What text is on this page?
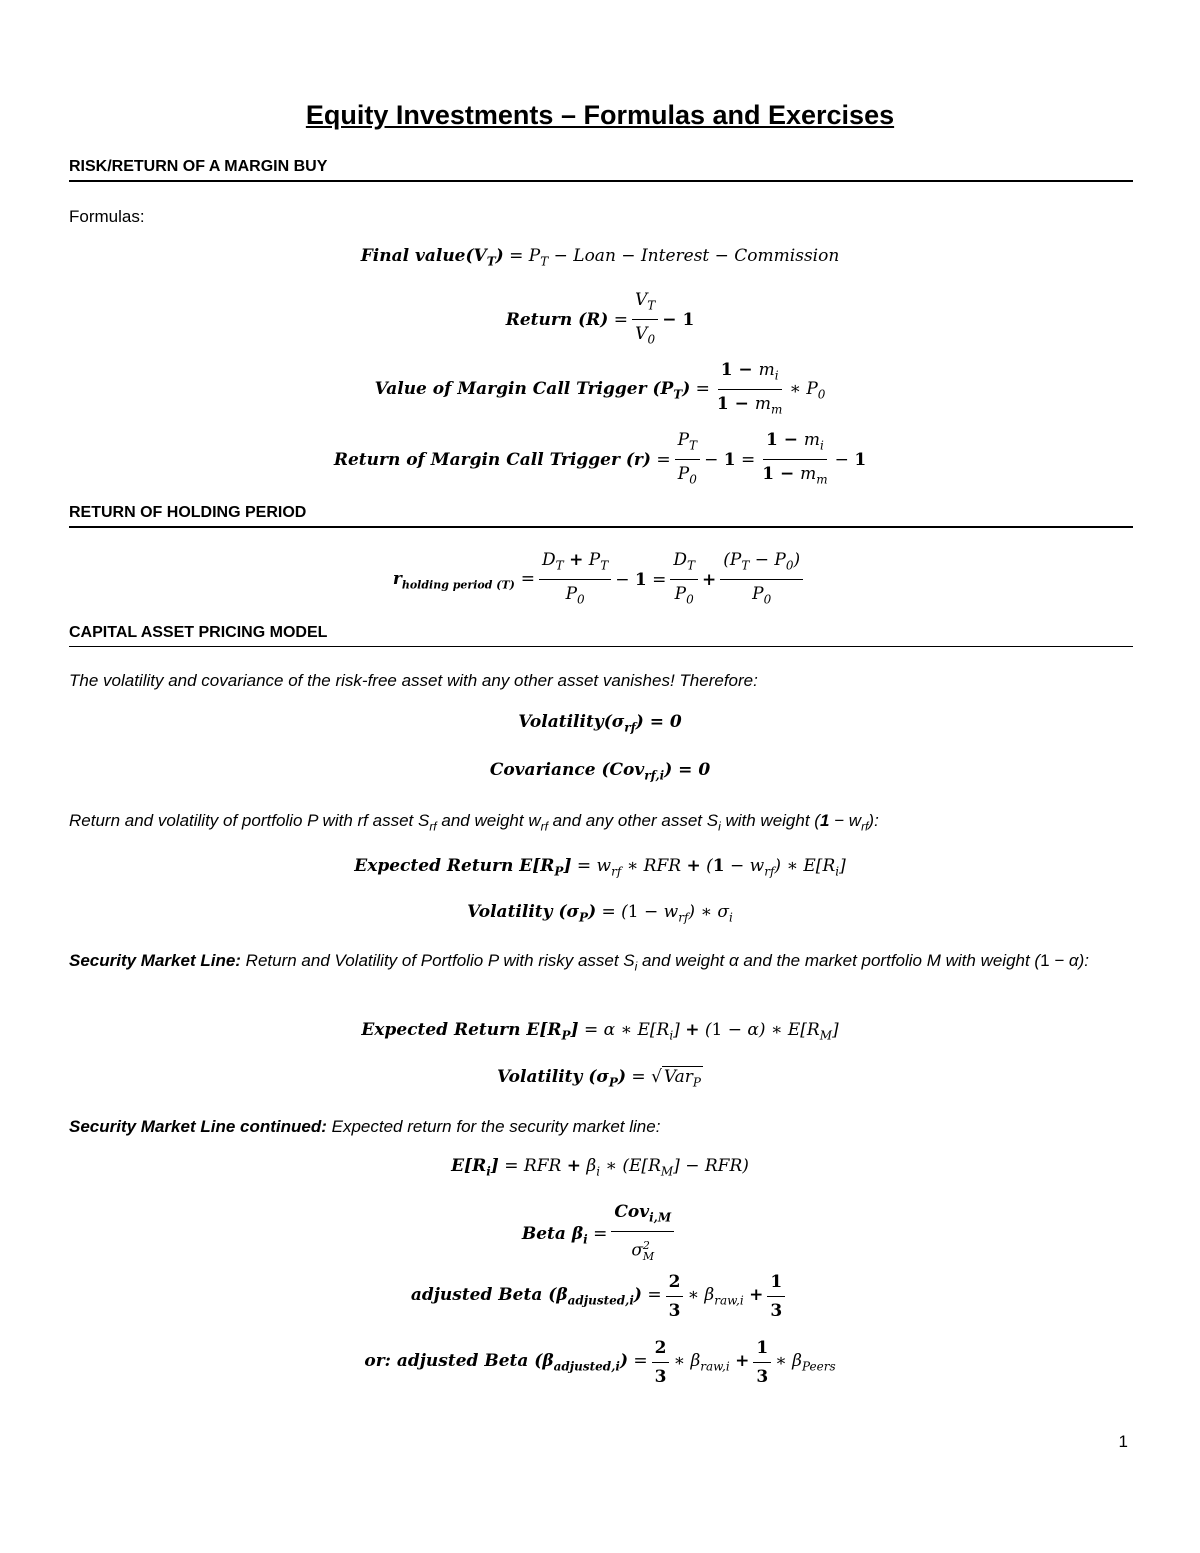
Equity Investments – Formulas and Exercises
RISK/RETURN OF A MARGIN BUY
Formulas:
Final $value(V_T) = P_T$ − Loan − Interest − Commission
Return $(R) = \frac{V_T}{V_0} - 1$
Value of Margin Call Trigger $(P_T) = \frac{1 - m_i}{1 - m_m}$ ∗ $P_0$
Return of Margin Call Trigger $(r) = \frac{P_T}{P_0} - 1 = \frac{1 - m_i}{1 - m_m} - 1$
RETURN OF HOLDING PERIOD
$r_{holding period (T)} = \frac{D_T + P_T}{P_0} - 1 = \frac{D_T}{P_0} + \frac{(P_T - P_0)}{P_0}$
CAPITAL ASSET PRICING MODEL
The volatility and covariance of the risk-free asset with any other asset vanishes! Therefore:
$Volatility(\sigma_{rf}) = 0$
Covariance (Cov$_{rf,i}$) = 0
Return and volatility of portfolio P with rf asset $S_{rf}$ and weight $w_{rf}$ and any other asset $S_i$ with weight $(1 - w_{rf})$:
Expected Return $E[R_P] = w_{rf}$ ∗ RFR + $(1 - w_{rf})$ ∗ $E[R_i]$
Volatility $(\sigma_P) = (1 - w_{rf})$ ∗ $\sigma_i$
Security Market Line: Return and Volatility of Portfolio P with risky asset $S_i$ and weight α and the market portfolio M with weight (1 − α):
Expected Return $E[R_P] = \alpha$ ∗ $E[R_i] + (1 - \alpha)$ ∗ $E[R_M]$
Volatility $(\sigma_P)$ = √ Var$_P$
Security Market Line continued: Expected return for the security market line:
$E[R_i]$ = RFR + $\beta_i$ ∗ $(E[R_M] - RFR)$
Beta $\beta_i = \frac{Cov_{i,M}}{\sigma^2_M}$
adjusted Beta $(\beta_{adjusted,i}) = \frac{2}{3}$ ∗ $\beta_{raw,i} + \frac{1}{3}$
or: adjusted Beta $(\beta_{adjusted,i}) = \frac{2}{3}$ ∗ $\beta_{raw,i} + \frac{1}{3}$ ∗ $\beta_{Peers}$
1
